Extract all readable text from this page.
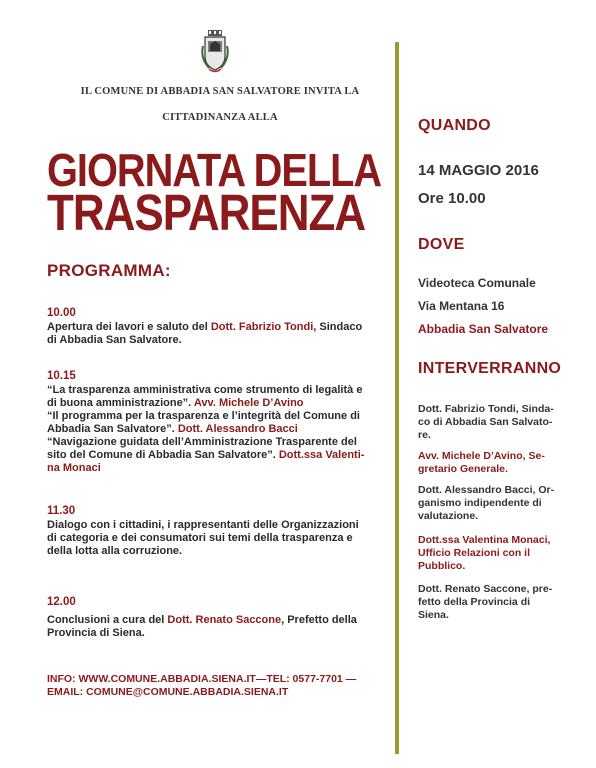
IL COMUNE DI ABBADIA SAN SALVATORE INVITA LA
CITTADINANZA ALLA
GIORNATA DELLA
TRASPARENZA
PROGRAMMA:
10.00
Apertura dei lavori e saluto del Dott. Fabrizio Tondi, Sindaco
di Abbadia San Salvatore.
10.15
“La trasparenza amministrativa come strumento di legalità e
di buona amministrazione”. Avv. Michele D’Avino
“Il programma per la trasparenza e l’integrità del Comune di
Abbadia San Salvatore”. Dott. Alessandro Bacci
“Navigazione guidata dell’Amministrazione Trasparente del
sito del Comune di Abbadia San Salvatore”. Dott.ssa Valenti-
na Monaci
11.30
Dialogo con i cittadini, i rappresentanti delle Organizzazioni
di categoria e dei consumatori sui temi della trasparenza e
della lotta alla corruzione.
12.00
Conclusioni a cura del Dott. Renato Saccone, Prefetto della
Provincia di Siena.
INFO: WWW.COMUNE.ABBADIA.SIENA.IT—TEL: 0577-7701 —
EMAIL: COMUNE@COMUNE.ABBADIA.SIENA.IT
QUANDO
14 MAGGIO 2016
Ore 10.00
DOVE
Videoteca Comunale
Via Mentana 16
Abbadia San Salvatore
INTERVERRANNO
Dott. Fabrizio Tondi, Sinda-
co di Abbadia San Salvato-
re.
Avv. Michele D’Avino, Se-
gretario Generale.
Dott. Alessandro Bacci, Or-
ganismo indipendente di
valutazione.
Dott.ssa Valentina Monaci,
Ufficio Relazioni con il
Pubblico.
Dott. Renato Saccone, pre-
fetto della Provincia di
Siena.
